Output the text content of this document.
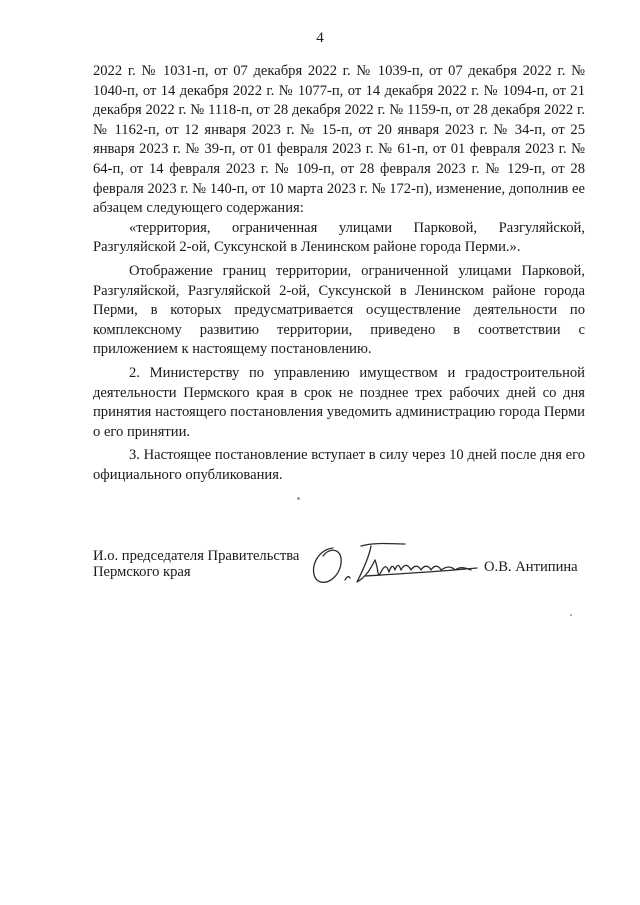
4

2022 г. № 1031-п, от 07 декабря 2022 г. № 1039-п, от 07 декабря 2022 г. № 1040-п, от 14 декабря 2022 г. № 1077-п, от 14 декабря 2022 г. № 1094-п, от 21 декабря 2022 г. № 1118-п, от 28 декабря 2022 г. № 1159-п, от 28 декабря 2022 г. № 1162-п, от 12 января 2023 г. № 15-п, от 20 января 2023 г. № 34-п, от 25 января 2023 г. № 39-п, от 01 февраля 2023 г. № 61-п, от 01 февраля 2023 г. № 64-п, от 14 февраля 2023 г. № 109-п, от 28 февраля 2023 г. № 129-п, от 28 февраля 2023 г. № 140-п, от 10 марта 2023 г. № 172-п), изменение, дополнив ее абзацем следующего содержания:

«территория, ограниченная улицами Парковой, Разгуляйской, Разгуляйской 2-ой, Суксунской в Ленинском районе города Перми.».

Отображение границ территории, ограниченной улицами Парковой, Разгуляйской, Разгуляйской 2-ой, Суксунской в Ленинском районе города Перми, в которых предусматривается осуществление деятельности по комплексному развитию территории, приведено в соответствии с приложением к настоящему постановлению.

2. Министерству по управлению имуществом и градостроительной деятельности Пермского края в срок не позднее трех рабочих дней со дня принятия настоящего постановления уведомить администрацию города Перми о его принятии.

3. Настоящее постановление вступает в силу через 10 дней после дня его официального опубликования.

И.о. председателя Правительства
Пермского края	О.В. Антипина
